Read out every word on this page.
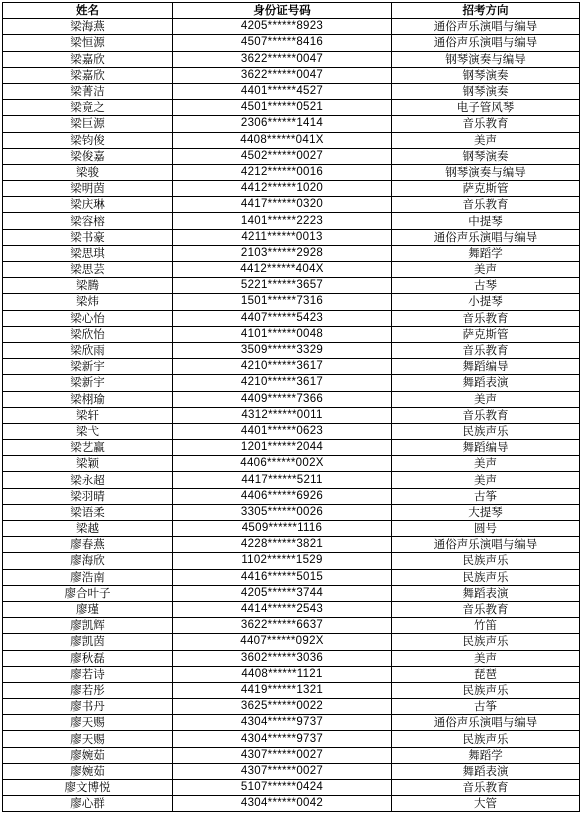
姓名	身份证号码	招考方向
梁海燕	4205******8923	通俗声乐演唱与编导
梁恒源	4507******8416	通俗声乐演唱与编导
梁嘉欣	3622******0047	钢琴演奏与编导
梁嘉欣	3622******0047	钢琴演奏
梁菁洁	4401******4527	钢琴演奏
梁竟之	4501******0521	电子管风琴
梁巨源	2306******1414	音乐教育
梁钧俊	4408******041X	美声
梁俊嘉	4502******0027	钢琴演奏
梁骏	4212******0016	钢琴演奏与编导
梁明茵	4412******1020	萨克斯管
梁庆琳	4417******0320	音乐教育
梁容榕	1401******2223	中提琴
梁书豪	4211******0013	通俗声乐演唱与编导
梁思琪	2103******2928	舞蹈学
梁思芸	4412******404X	美声
梁腾	5221******3657	古琴
梁炜	1501******7316	小提琴
梁心怡	4407******5423	音乐教育
梁欣怡	4101******0048	萨克斯管
梁欣雨	3509******3329	音乐教育
梁新宇	4210******3617	舞蹈编导
梁新宇	4210******3617	舞蹈表演
梁栩瑜	4409******7366	美声
梁轩	4312******0011	音乐教育
梁弋	4401******0623	民族声乐
梁艺赢	1201******2044	舞蹈编导
梁颖	4406******002X	美声
梁永超	4417******5211	美声
梁羽晴	4406******6926	古筝
梁语柔	3305******0026	大提琴
梁越	4509******1116	圆号
廖春燕	4228******3821	通俗声乐演唱与编导
廖海欣	1102******1529	民族声乐
廖浩南	4416******5015	民族声乐
廖合叶子	4205******3744	舞蹈表演
廖瑾	4414******2543	音乐教育
廖凯辉	3622******6637	竹笛
廖凯茵	4407******092X	民族声乐
廖秋磊	3602******3036	美声
廖若诗	4408******1121	琵琶
廖若彤	4419******1321	民族声乐
廖书丹	3625******0022	古筝
廖天赐	4304******9737	通俗声乐演唱与编导
廖天赐	4304******9737	民族声乐
廖婉茹	4307******0027	舞蹈学
廖婉茹	4307******0027	舞蹈表演
廖文博悦	5107******0424	音乐教育
廖心群	4304******0042	大管
